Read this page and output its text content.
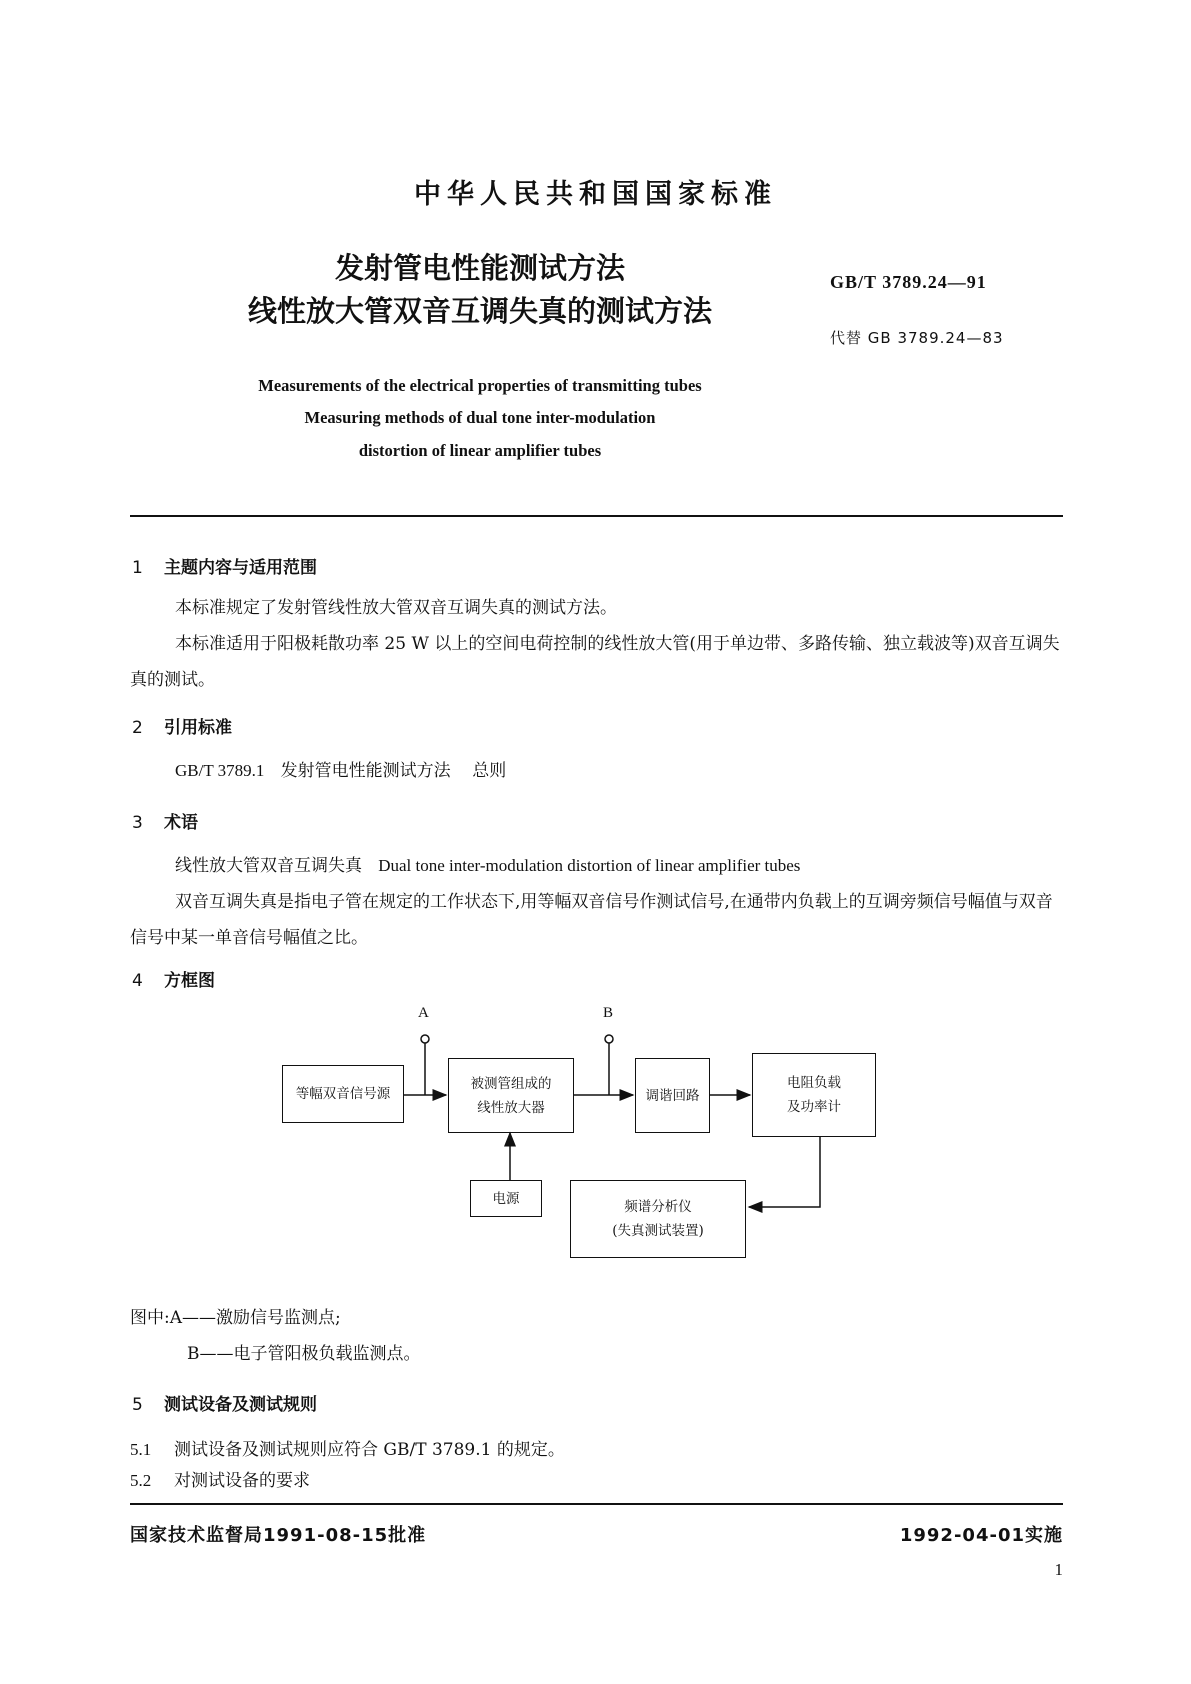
中华人民共和国国家标准
发射管电性能测试方法
线性放大管双音互调失真的测试方法
GB/T 3789.24—91
代替 GB 3789.24—83
Measurements of the electrical properties of transmitting tubes
Measuring methods of dual tone inter-modulation
distortion of linear amplifier tubes
1 主题内容与适用范围
本标准规定了发射管线性放大管双音互调失真的测试方法。
本标准适用于阳极耗散功率 25 W 以上的空间电荷控制的线性放大管(用于单边带、多路传输、独立载波等)双音互调失真的测试。
2 引用标准
GB/T 3789.1 发射管电性能测试方法 总则
3 术语
线性放大管双音互调失真 Dual tone inter-modulation distortion of linear amplifier tubes
双音互调失真是指电子管在规定的工作状态下,用等幅双音信号作测试信号,在通带内负载上的互调旁频信号幅值与双音信号中某一单音信号幅值之比。
4 方框图
A	B
等幅双音信号源
被测管组成的
线性放大器
调谐回路
电阻负载
及功率计
电源
频谱分析仪
(失真测试装置)
图中:A——激励信号监测点;
B——电子管阳极负载监测点。
5 测试设备及测试规则
5.1 测试设备及测试规则应符合 GB/T 3789.1 的规定。
5.2 对测试设备的要求
国家技术监督局1991-08-15批准	1992-04-01实施
1
